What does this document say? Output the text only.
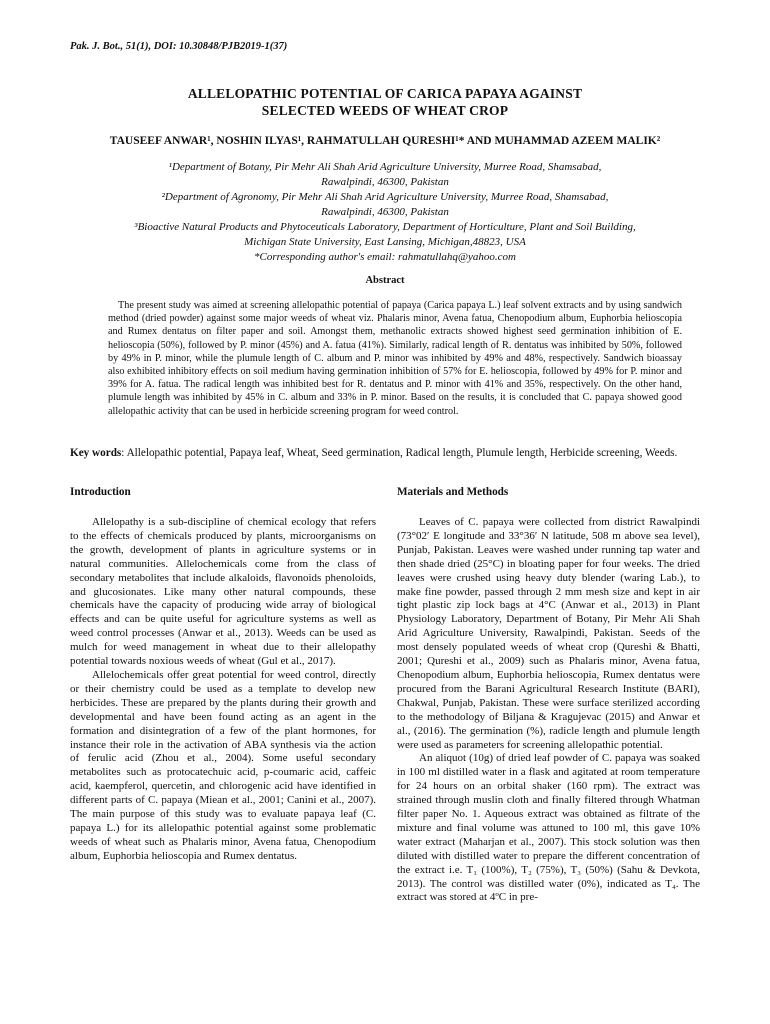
Pak. J. Bot., 51(1), DOI: 10.30848/PJB2019-1(37)
ALLELOPATHIC POTENTIAL OF CARICA PAPAYA AGAINST
SELECTED WEEDS OF WHEAT CROP
TAUSEEF ANWAR¹, NOSHIN ILYAS¹, RAHMATULLAH QURESHI¹* AND MUHAMMAD AZEEM MALIK²
¹Department of Botany, Pir Mehr Ali Shah Arid Agriculture University, Murree Road, Shamsabad,
Rawalpindi, 46300, Pakistan
²Department of Agronomy, Pir Mehr Ali Shah Arid Agriculture University, Murree Road, Shamsabad,
Rawalpindi, 46300, Pakistan
³Bioactive Natural Products and Phytoceuticals Laboratory, Department of Horticulture, Plant and Soil Building,
Michigan State University, East Lansing, Michigan,48823, USA
*Corresponding author's email: rahmatullahq@yahoo.com
Abstract
The present study was aimed at screening allelopathic potential of papaya (Carica papaya L.) leaf solvent extracts and by using sandwich method (dried powder) against some major weeds of wheat viz. Phalaris minor, Avena fatua, Chenopodium album, Euphorbia helioscopia and Rumex dentatus on filter paper and soil. Amongst them, methanolic extracts showed highest seed germination inhibition of E. helioscopia (50%), followed by P. minor (45%) and A. fatua (41%). Similarly, radical length of R. dentatus was inhibited by 50%, followed by 49% in P. minor, while the plumule length of C. album and P. minor was inhibited by 49% and 48%, respectively. Sandwich bioassay also exhibited inhibitory effects on soil medium having germination inhibition of 57% for E. helioscopia, followed by 49% for P. minor and 39% for A. fatua. The radical length was inhibited best for R. dentatus and P. minor with 41% and 35%, respectively. On the other hand, plumule length was inhibited by 45% in C. album and 33% in P. minor. Based on the results, it is concluded that C. papaya showed good allelopathic activity that can be used in herbicide screening program for weed control.
Key words: Allelopathic potential, Papaya leaf, Wheat, Seed germination, Radical length, Plumule length, Herbicide screening, Weeds.
Introduction

Allelopathy is a sub-discipline of chemical ecology that refers to the effects of chemicals produced by plants, microorganisms on the growth, development of plants in agriculture systems or in natural communities. Allelochemicals come from the class of secondary metabolites that include alkaloids, flavonoids phenoloids, and glucosionates. Like many other natural compounds, these chemicals have the capacity of producing wide array of biological effects and can be quite useful for agriculture systems as well as weed control processes (Anwar et al., 2013). Weeds can be used as mulch for weed management in wheat due to their allelopathy potential towards noxious weeds of wheat (Gul et al., 2017).

Allelochemicals offer great potential for weed control, directly or their chemistry could be used as a template to develop new herbicides. These are prepared by the plants during their growth and developmental and have been found acting as an agent in the formation and disintegration of a few of the plant hormones, for instance their role in the activation of ABA synthesis via the action of ferulic acid (Zhou et al., 2004). Some useful secondary metabolites such as protocatechuic acid, p-coumaric acid, caffeic acid, kaempferol, quercetin, and chlorogenic acid have identified in different parts of C. papaya (Miean et al., 2001; Canini et al., 2007). The main purpose of this study was to evaluate papaya leaf (C. papaya L.) for its allelopathic potential against some problematic weeds of wheat such as Phalaris minor, Avena fatua, Chenopodium album, Euphorbia helioscopia and Rumex dentatus.

Materials and Methods

Leaves of C. papaya were collected from district Rawalpindi (73°02′ E longitude and 33°36′ N latitude, 508 m above sea level), Punjab, Pakistan. Leaves were washed under running tap water and then shade dried (25°C) in bloating paper for four weeks. The dried leaves were crushed using heavy duty blender (waring Lab.), to make fine powder, passed through 2 mm mesh size and kept in air tight plastic zip lock bags at 4°C (Anwar et al., 2013) in Plant Physiology Laboratory, Department of Botany, Pir Mehr Ali Shah Arid Agriculture University, Rawalpindi, Pakistan. Seeds of the most densely populated weeds of wheat crop (Qureshi & Bhatti, 2001; Qureshi et al., 2009) such as Phalaris minor, Avena fatua, Chenopodium album, Euphorbia helioscopia, Rumex dentatus were procured from the Barani Agricultural Research Institute (BARI), Chakwal, Punjab, Pakistan. These were surface sterilized according to the methodology of Biljana & Kragujevac (2015) and Anwar et al., (2016). The germination (%), radicle length and plumule length were used as parameters for screening allelopathic potential.

An aliquot (10g) of dried leaf powder of C. papaya was soaked in 100 ml distilled water in a flask and agitated at room temperature for 24 hours on an orbital shaker (160 rpm). The extract was strained through muslin cloth and finally filtered through Whatman filter paper No. 1. Aqueous extract was obtained as filtrate of the mixture and final volume was attuned to 100 ml, this gave 10% water extract (Maharjan et al., 2007). This stock solution was then diluted with distilled water to prepare the different concentration of the extract i.e. T₁ (100%), T₂ (75%), T₃ (50%) (Sahu & Devkota, 2013). The control was distilled water (0%), indicated as T₄. The extract was stored at 4ºC in pre-
